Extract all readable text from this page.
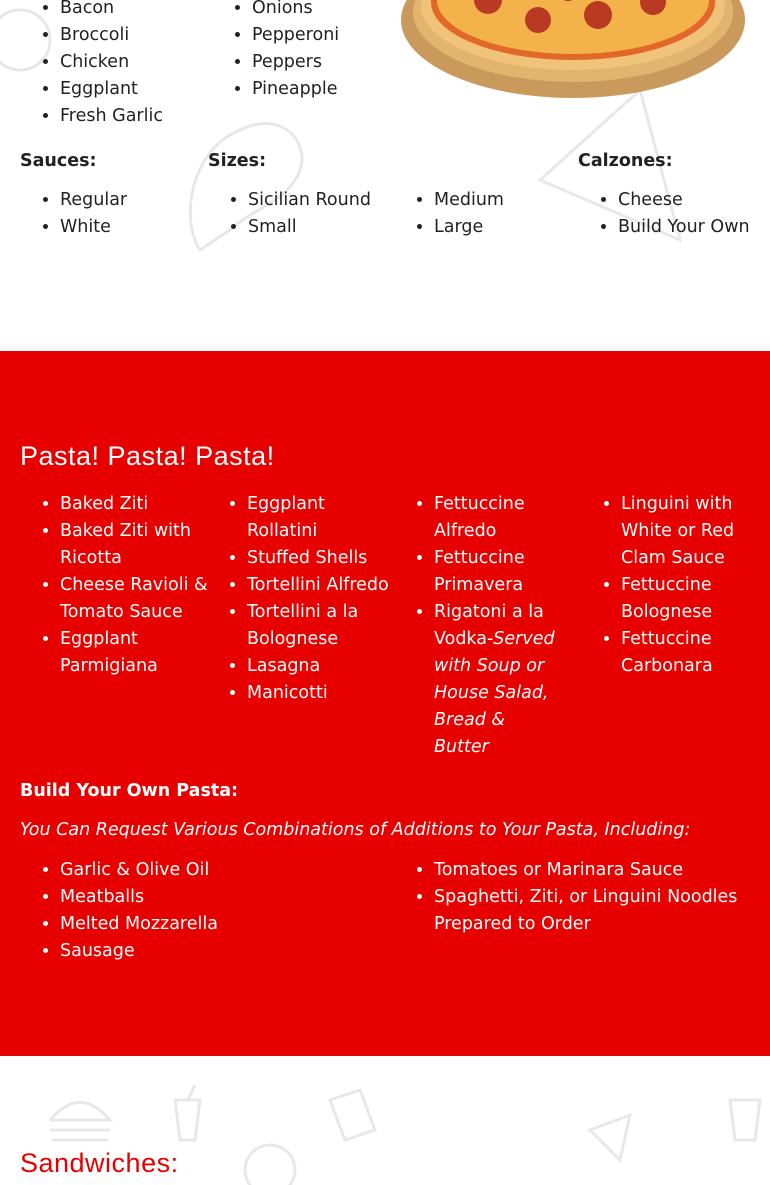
• Bacon
• Broccoli
• Chicken
• Eggplant
• Fresh Garlic
• Onions
• Pepperoni
• Peppers
• Pineapple
Sauces:
• Regular
• White
Sizes:
• Sicilian Round
• Small
• Medium
• Large
Calzones:
• Cheese
• Build Your Own
Pasta! Pasta! Pasta!
• Baked Ziti
• Baked Ziti with Ricotta
• Cheese Ravioli & Tomato Sauce
• Eggplant Parmigiana
• Eggplant Rollatini
• Stuffed Shells
• Tortellini Alfredo
• Tortellini a la Bolognese
• Lasagna
• Manicotti
• Fettuccine Alfredo
• Fettuccine Primavera
• Rigatoni a la Vodka-Served with Soup or House Salad, Bread & Butter
• Linguini with White or Red Clam Sauce
• Fettuccine Bolognese
• Fettuccine Carbonara
Build Your Own Pasta:
You Can Request Various Combinations of Additions to Your Pasta, Including:
• Garlic & Olive Oil
• Meatballs
• Melted Mozzarella
• Sausage
• Tomatoes or Marinara Sauce
• Spaghetti, Ziti, or Linguini Noodles Prepared to Order
Sandwiches:
